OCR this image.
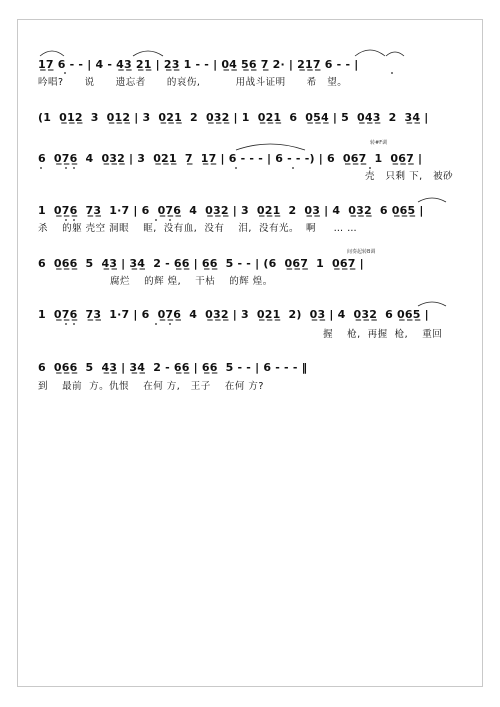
1̲7̲ 6 - - | 4 - 4̲3̲ 2̲1̲ | 2̲3̲ 1 - - | 0̲4̲ 5̲6̲ 7̲ 2· | 2̲1̲7̲ 6 - - |
吟唱?      说      遗忘者      的哀伤,          用战斗证明      希   望。
(1  0̲1̲2̲  3  0̲1̲2̲ | 3  0̲2̲1̲  2  0̲3̲2̲ | 1  0̲2̲1̲  6  0̲5̲4̲ | 5  0̲4̲3̲  2  3̲4̲ |
转#F调
6  0̲7̲6̲  4  0̲3̲2̲ | 3  0̲2̲1̲  7̲  1̲7̲ | 6 - - - | 6 - - -) | 6  0̲6̲7̲  1  0̲6̲7̲ |
壳   只剩 下,   被砂
1  0̲7̲6̲  7̲3̲  1·7 | 6  0̲7̲6̲  4  0̲3̲2̲ | 3  0̲2̲1̲  2  0̲3̲ | 4  0̲3̲2̲  6 0̲6̲5̲ |
杀    的躯 壳空 洞眼    眶,  没有血,  没有    泪,  没有光。  啊     … …
间奏起转B调
6  0̲6̲6̲  5  4̲3̲ | 3̲4̲  2 - 6̲6̲ | 6̲6̲  5 - - | (6  0̲6̲7̲  1  0̲6̲7̲ |
腐烂    的辉 煌,    干枯    的辉 煌。
1  0̲7̲6̲  7̲3̲  1·7 | 6  0̲7̲6̲  4  0̲3̲2̲ | 3  0̲2̲1̲  2)  0̲3̲ | 4  0̲3̲2̲  6 0̲6̲5̲ |
握    枪,  再握  枪,    重回
6  0̲6̲6̲  5  4̲3̲ | 3̲4̲  2 - 6̲6̲ | 6̲6̲  5 - - | 6 - - - ‖
到    最前  方。仇恨    在何 方,   王子    在何 方?
